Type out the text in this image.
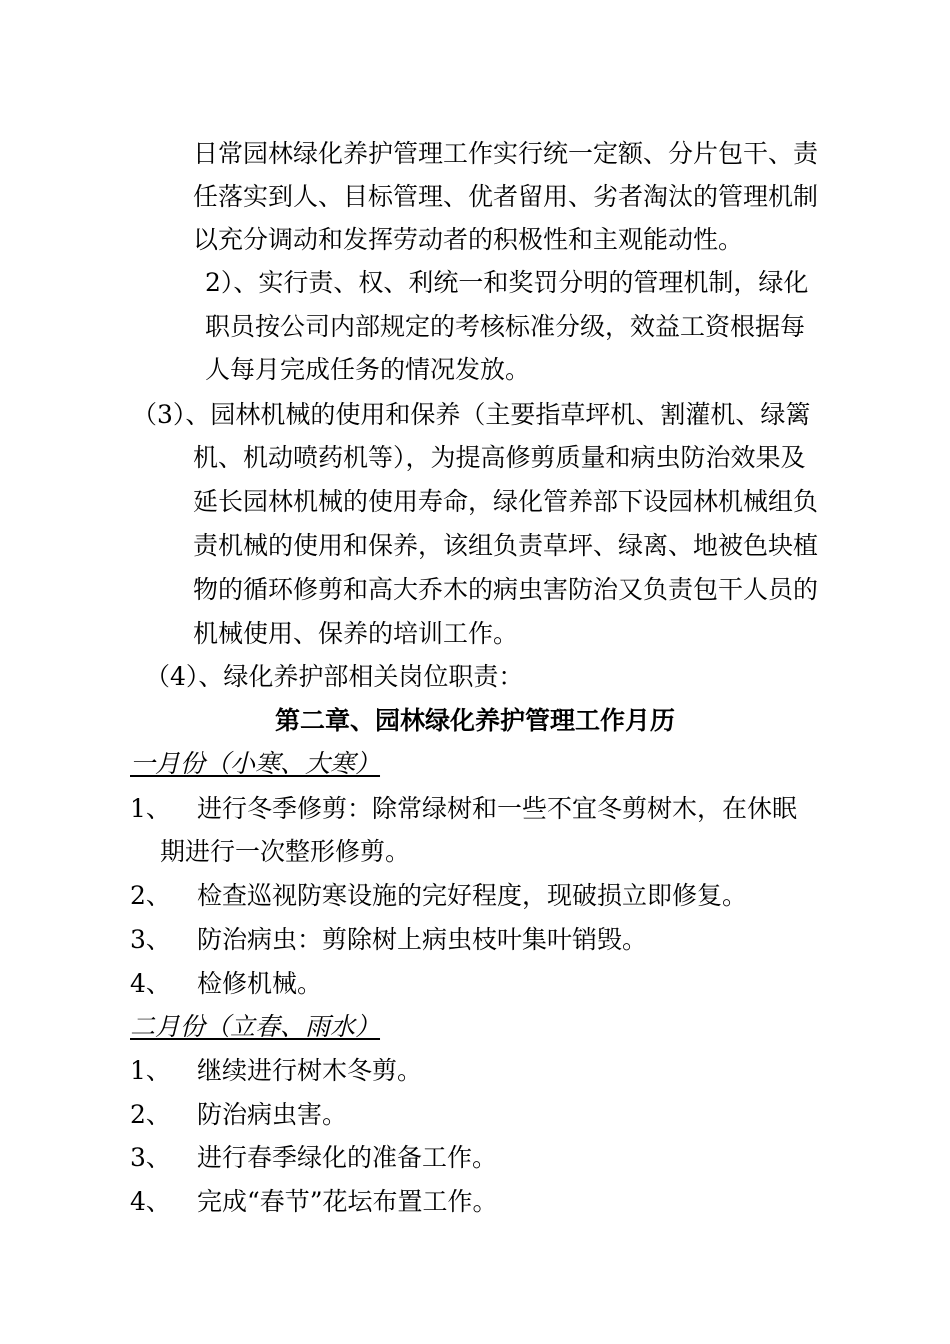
日常园林绿化养护管理工作实行统一定额、分片包干、责
任落实到人、目标管理、优者留用、劣者淘汰的管理机制
以充分调动和发挥劳动者的积极性和主观能动性。
2）、实行责、权、利统一和奖罚分明的管理机制，绿化
职员按公司内部规定的考核标准分级，效益工资根据每
人每月完成任务的情况发放。
（3）、园林机械的使用和保养（主要指草坪机、割灌机、绿篱
机、机动喷药机等），为提高修剪质量和病虫防治效果及
延长园林机械的使用寿命，绿化管养部下设园林机械组负
责机械的使用和保养，该组负责草坪、绿离、地被色块植
物的循环修剪和高大乔木的病虫害防治又负责包干人员的
机械使用、保养的培训工作。
（4）、绿化养护部相关岗位职责：
第二章、园林绿化养护管理工作月历
一月份（小寒、大寒）
1、 进行冬季修剪：除常绿树和一些不宜冬剪树木，在休眠
期进行一次整形修剪。
2、 检查巡视防寒设施的完好程度，现破损立即修复。
3、 防治病虫：剪除树上病虫枝叶集叶销毁。
4、 检修机械。
二月份（立春、雨水）
1、 继续进行树木冬剪。
2、 防治病虫害。
3、 进行春季绿化的准备工作。
4、 完成“春节”花坛布置工作。
